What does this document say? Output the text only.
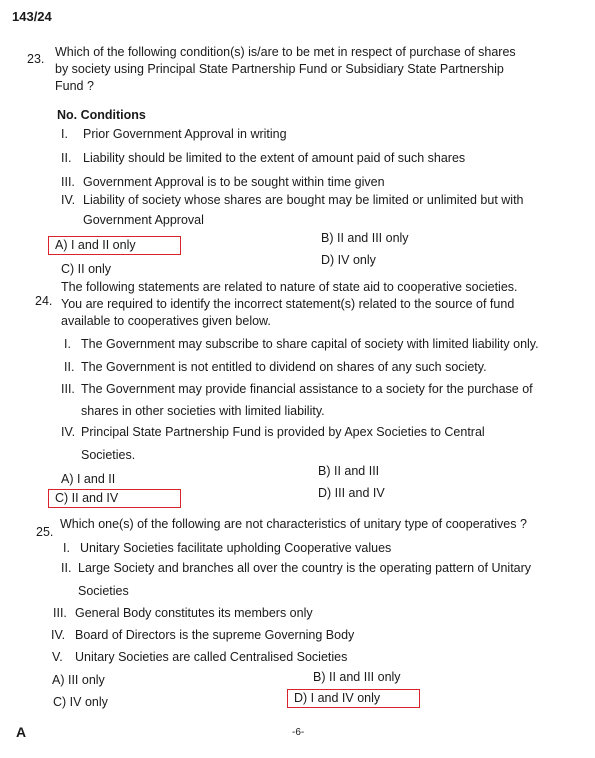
143/24
23. Which of the following condition(s) is/are to be met in respect of purchase of shares
by society using Principal State Partnership Fund or Subsidiary State Partnership
Fund ?
No. Conditions
I. Prior Government Approval in writing
II. Liability should be limited to the extent of amount paid of such shares
III. Government Approval is to be sought within time given
IV. Liability of society whose shares are bought may be limited or unlimited but with
Government Approval
A) I and II only	B) II and III only
C) II only
D) IV only
24.
The following statements are related to nature of state aid to cooperative societies.
You are required to identify the incorrect statement(s) related to the source of fund
available to cooperatives given below.
I. The Government may subscribe to share capital of society with limited liability only.
II. The Government is not entitled to dividend on shares of any such society.
III. The Government may provide financial assistance to a society for the purchase of
shares in other societies with limited liability.
IV. Principal State Partnership Fund is provided by Apex Societies to Central
Societies.
A) I and II
B) II and III
C) II and IV	D) III and IV
25.
Which one(s) of the following are not characteristics of unitary type of cooperatives ?
I. Unitary Societies facilitate upholding Cooperative values
II. Large Society and branches all over the country is the operating pattern of Unitary
Societies
III. General Body constitutes its members only
IV. Board of Directors is the supreme Governing Body
V. Unitary Societies are called Centralised Societies
A) III only	B) II and III only
C) IV only	D) I and IV only
A	-6-
